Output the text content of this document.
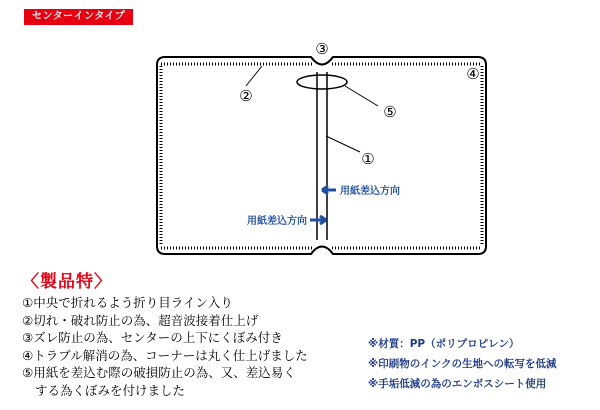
センターインタイプ
③
②
④
⑤
①
用紙差込方向
用紙差込方向
〈製品特〉
①中央で折れるよう折り目ライン入り
②切れ・破れ防止の為、超音波接着仕上げ
③ズレ防止の為、センターの上下にくぼみ付き
④トラブル解消の為、コーナーは丸く仕上げました
⑤用紙を差込む際の破損防止の為、又、差込易く
する為くぼみを付けました
※材質：PP（ポリプロピレン）
※印刷物のインクの生地への転写を低減
※手垢低減の為のエンボスシート使用
